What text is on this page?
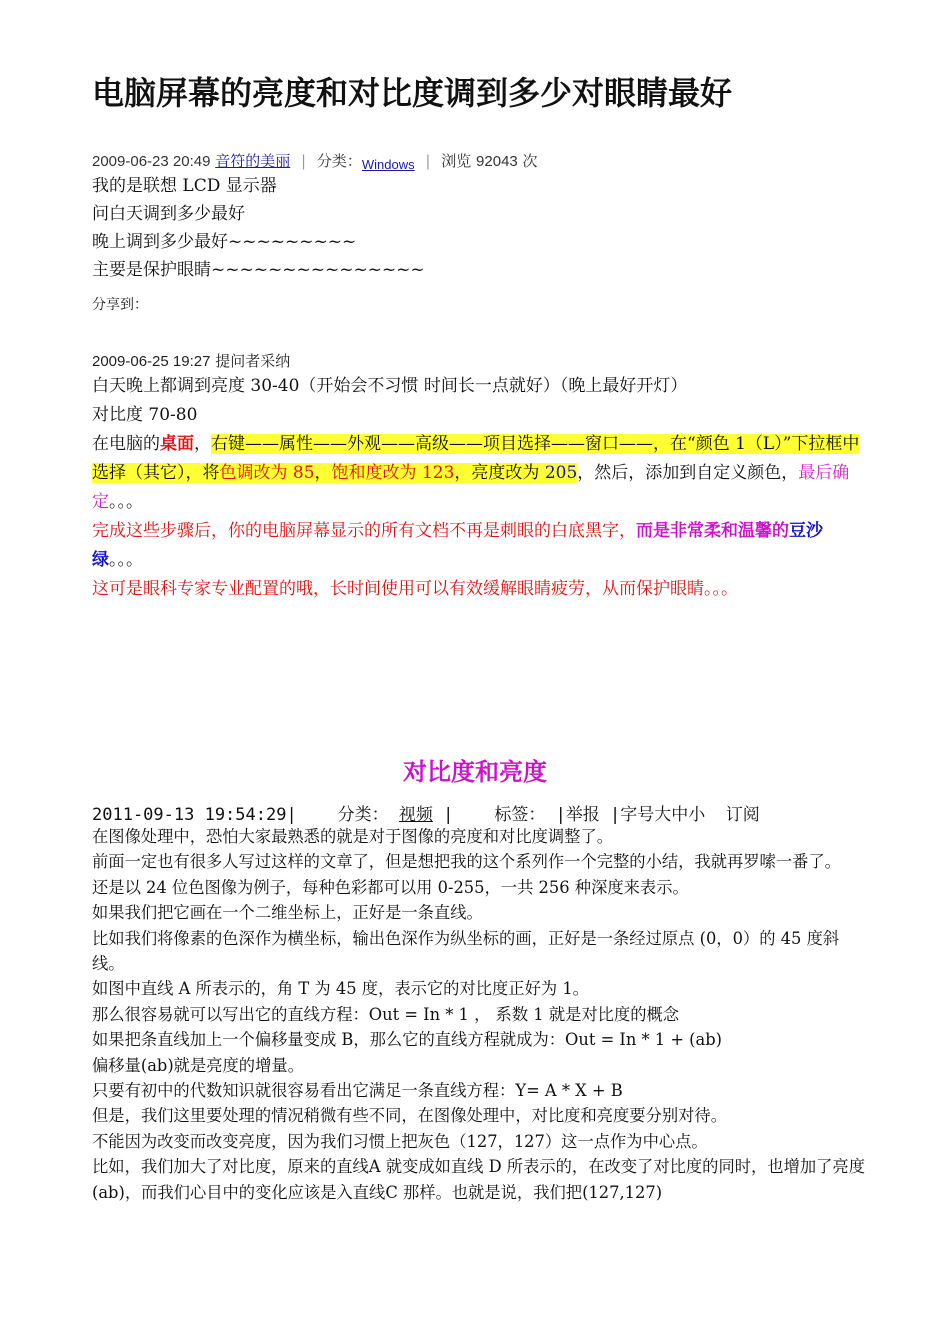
电脑屏幕的亮度和对比度调到多少对眼睛最好
2009-06-23 20:49 音符的美丽 | 分类：Windows | 浏览 92043 次

我的是联想 LCD 显示器

问白天调到多少最好

晚上调到多少最好~~~~~~~~~

主要是保护眼睛~~~~~~~~~~~~~~~

分享到：
2009-06-25 19:27 提问者采纳

白天晚上都调到亮度 30-40（开始会不习惯 时间长一点就好）（晚上最好开灯）

对比度 70-80

在电脑的桌面，右键——属性——外观——高级——项目选择——窗口——，在“颜色 1（L）”下拉框中选择（其它），将色调改为 85，饱和度改为 123，亮度改为 205，然后，添加到自定义颜色，最后确定。。。

完成这些步骤后，你的电脑屏幕显示的所有文档不再是刺眼的白底黑字，而是非常柔和温馨的豆沙绿。。。

这可是眼科专家专业配置的哦，长时间使用可以有效缓解眼睛疲劳，从而保护眼睛。。。

对比度和亮度
2011-09-13 19:54:29|    分类： 视频 |    标签： |举报 |字号大中小 订阅

在图像处理中，恐怕大家最熟悉的就是对于图像的亮度和对比度调整了。

前面一定也有很多人写过这样的文章了，但是想把我的这个系列作一个完整的小结，我就再罗嗦一番了。

还是以 24 位色图像为例子，每种色彩都可以用 0-255，一共 256 种深度来表示。

如果我们把它画在一个二维坐标上，正好是一条直线。

比如我们将像素的色深作为横坐标，输出色深作为纵坐标的画，正好是一条经过原点 (0，0）的 45 度斜线。

如图中直线 A 所表示的，角 T 为 45 度，表示它的对比度正好为 1。

那么很容易就可以写出它的直线方程：Out = In * 1 ， 系数 1 就是对比度的概念

如果把条直线加上一个偏移量变成 B，那么它的直线方程就成为：Out = In * 1 + (ab)

偏移量(ab)就是亮度的增量。

只要有初中的代数知识就很容易看出它满足一条直线方程：Y= A * X + B

但是，我们这里要处理的情况稍微有些不同，在图像处理中，对比度和亮度要分别对待。

不能因为改变而改变亮度，因为我们习惯上把灰色（127，127）这一点作为中心点。

比如，我们加大了对比度，原来的直线A 就变成如直线 D 所表示的，在改变了对比度的同时，也增加了亮度(ab)，而我们心目中的变化应该是入直线C 那样。也就是说，我们把(127,127)
